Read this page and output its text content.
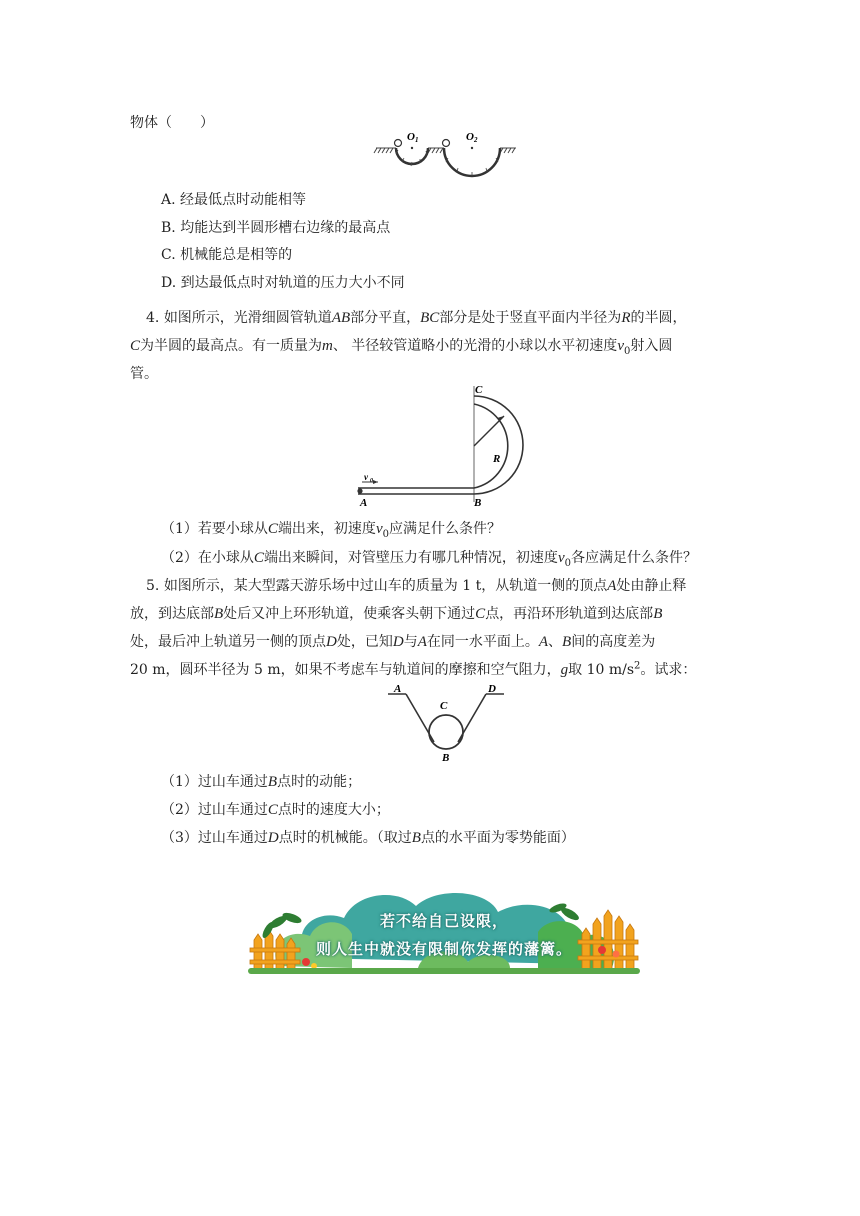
物体（　　）
O 1	O 2
A. 经最低点时动能相等
B. 均能达到半圆形槽右边缘的最高点
C. 机械能总是相等的
D. 到达最低点时对轨道的压力大小不同
4. 如图所示，光滑细圆管轨道AB部分平直，BC部分是处于竖直平面内半径为R的半圆，
C为半圆的最高点。有一质量为m、 半径较管道略小的光滑的小球以水平初速度$v_0$射入圆
管。
v 0
A	B
C
R
（1）若要小球从C端出来，初速度$v_0$应满足什么条件？
（2）在小球从C端出来瞬间，对管壁压力有哪几种情况，初速度$v_0$各应满足什么条件？
5. 如图所示，某大型露天游乐场中过山车的质量为 1 t，从轨道一侧的顶点A处由静止释
放，到达底部B处后又冲上环形轨道，使乘客头朝下通过C点，再沿环形轨道到达底部B
处，最后冲上轨道另一侧的顶点D处，已知D与A在同一水平面上。A、B间的高度差为
20 m，圆环半径为 5 m，如果不考虑车与轨道间的摩擦和空气阻力，g取 10 $m/s^2$。试求：
A	D
C
B
（1）过山车通过B点时的动能；
（2）过山车通过C点时的速度大小；
（3）过山车通过D点时的机械能。（取过B点的水平面为零势能面）
若不给自己设限，
则人生中就没有限制你发挥的藩篱。
